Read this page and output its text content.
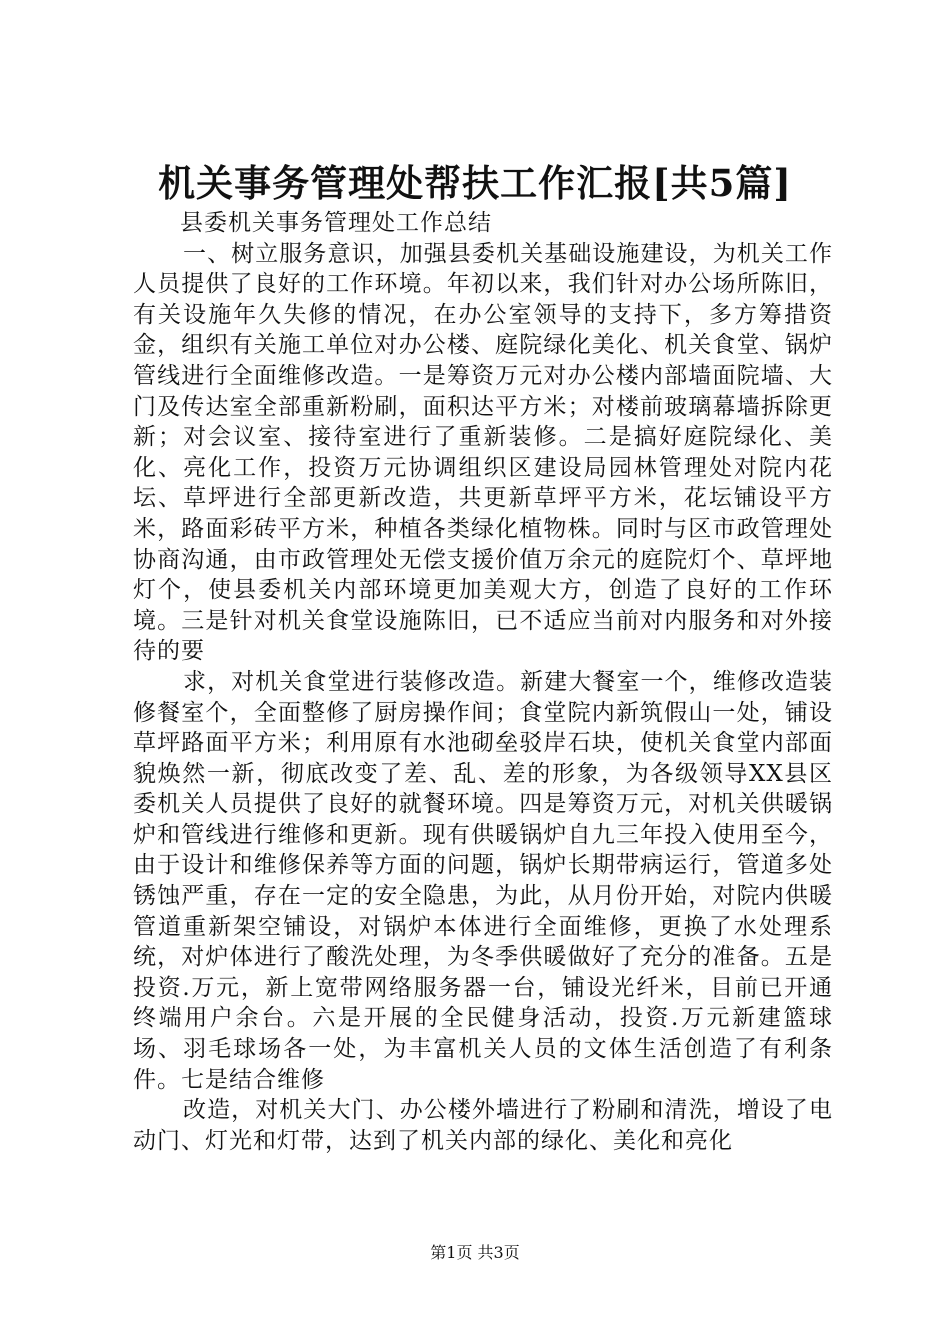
机关事务管理处帮扶工作汇报[共5篇]

县委机关事务管理处工作总结

一、树立服务意识，加强县委机关基础设施建设，为机关工作人员提供了良好的工作环境。年初以来，我们针对办公场所陈旧，有关设施年久失修的情况，在办公室领导的支持下，多方筹措资金，组织有关施工单位对办公楼、庭院绿化美化、机关食堂、锅炉管线进行全面维修改造。一是筹资万元对办公楼内部墙面院墙、大门及传达室全部重新粉刷，面积达平方米；对楼前玻璃幕墙拆除更新；对会议室、接待室进行了重新装修。二是搞好庭院绿化、美化、亮化工作，投资万元协调组织区建设局园林管理处对院内花坛、草坪进行全部更新改造，共更新草坪平方米，花坛铺设平方米，路面彩砖平方米，种植各类绿化植物株。同时与区市政管理处协商沟通，由市政管理处无偿支援价值万余元的庭院灯个、草坪地灯个，使县委机关内部环境更加美观大方，创造了良好的工作环境。三是针对机关食堂设施陈旧，已不适应当前对内服务和对外接待的要

求，对机关食堂进行装修改造。新建大餐室一个，维修改造装修餐室个，全面整修了厨房操作间；食堂院内新筑假山一处，铺设草坪路面平方米；利用原有水池砌垒驳岸石块，使机关食堂内部面貌焕然一新，彻底改变了差、乱、差的形象，为各级领导XX县区委机关人员提供了良好的就餐环境。四是筹资万元，对机关供暖锅炉和管线进行维修和更新。现有供暖锅炉自九三年投入使用至今，由于设计和维修保养等方面的问题，锅炉长期带病运行，管道多处锈蚀严重，存在一定的安全隐患，为此，从月份开始，对院内供暖管道重新架空铺设，对锅炉本体进行全面维修，更换了水处理系统，对炉体进行了酸洗处理，为冬季供暖做好了充分的准备。五是投资.万元，新上宽带网络服务器一台，铺设光纤米，目前已开通终端用户余台。六是开展的全民健身活动，投资.万元新建篮球场、羽毛球场各一处，为丰富机关人员的文体生活创造了有利条件。七是结合维修

改造，对机关大门、办公楼外墙进行了粉刷和清洗，增设了电动门、灯光和灯带，达到了机关内部的绿化、美化和亮化

第1页 共3页
